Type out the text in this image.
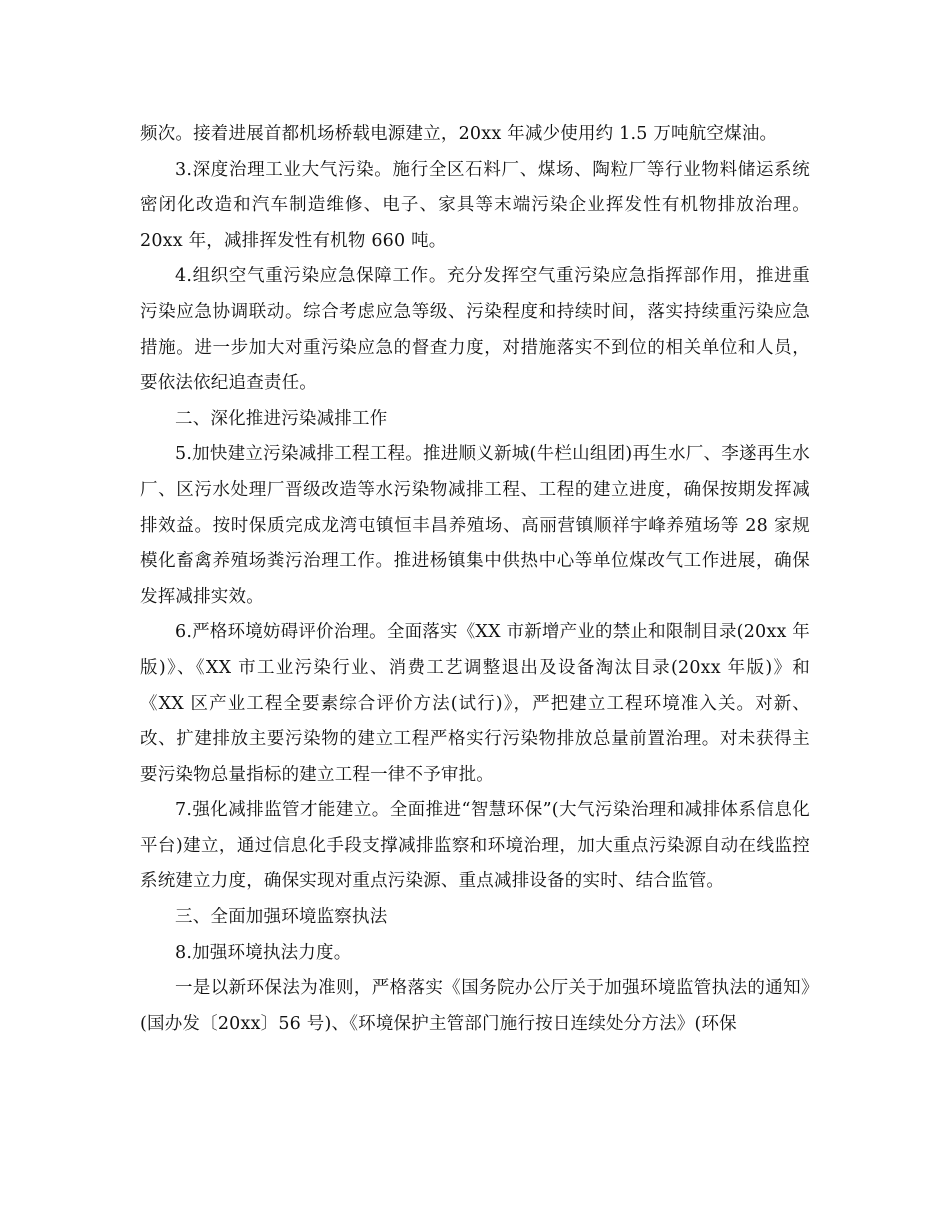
频次。接着进展首都机场桥载电源建立，20xx 年减少使用约 1.5 万吨航空煤油。

3.深度治理工业大气污染。施行全区石料厂、煤场、陶粒厂等行业物料储运系统密闭化改造和汽车制造维修、电子、家具等末端污染企业挥发性有机物排放治理。20xx 年，减排挥发性有机物 660 吨。

4.组织空气重污染应急保障工作。充分发挥空气重污染应急指挥部作用，推进重污染应急协调联动。综合考虑应急等级、污染程度和持续时间，落实持续重污染应急措施。进一步加大对重污染应急的督查力度，对措施落实不到位的相关单位和人员，要依法依纪追查责任。

二、深化推进污染减排工作

5.加快建立污染减排工程工程。推进顺义新城(牛栏山组团)再生水厂、李遂再生水厂、区污水处理厂晋级改造等水污染物减排工程、工程的建立进度，确保按期发挥减排效益。按时保质完成龙湾屯镇恒丰昌养殖场、高丽营镇顺祥宇峰养殖场等 28 家规模化畜禽养殖场粪污治理工作。推进杨镇集中供热中心等单位煤改气工作进展，确保发挥减排实效。

6.严格环境妨碍评价治理。全面落实《XX 市新增产业的禁止和限制目录(20xx 年版)》、《XX 市工业污染行业、消费工艺调整退出及设备淘汰目录(20xx 年版)》和《XX 区产业工程全要素综合评价方法(试行)》，严把建立工程环境准入关。对新、改、扩建排放主要污染物的建立工程严格实行污染物排放总量前置治理。对未获得主要污染物总量指标的建立工程一律不予审批。

7.强化减排监管才能建立。全面推进“智慧环保”(大气污染治理和减排体系信息化平台)建立，通过信息化手段支撑减排监察和环境治理，加大重点污染源自动在线监控系统建立力度，确保实现对重点污染源、重点减排设备的实时、结合监管。

三、全面加强环境监察执法

8.加强环境执法力度。

一是以新环保法为准则，严格落实《国务院办公厅关于加强环境监管执法的通知》(国办发〔20xx〕56 号)、《环境保护主管部门施行按日连续处分方法》(环保
